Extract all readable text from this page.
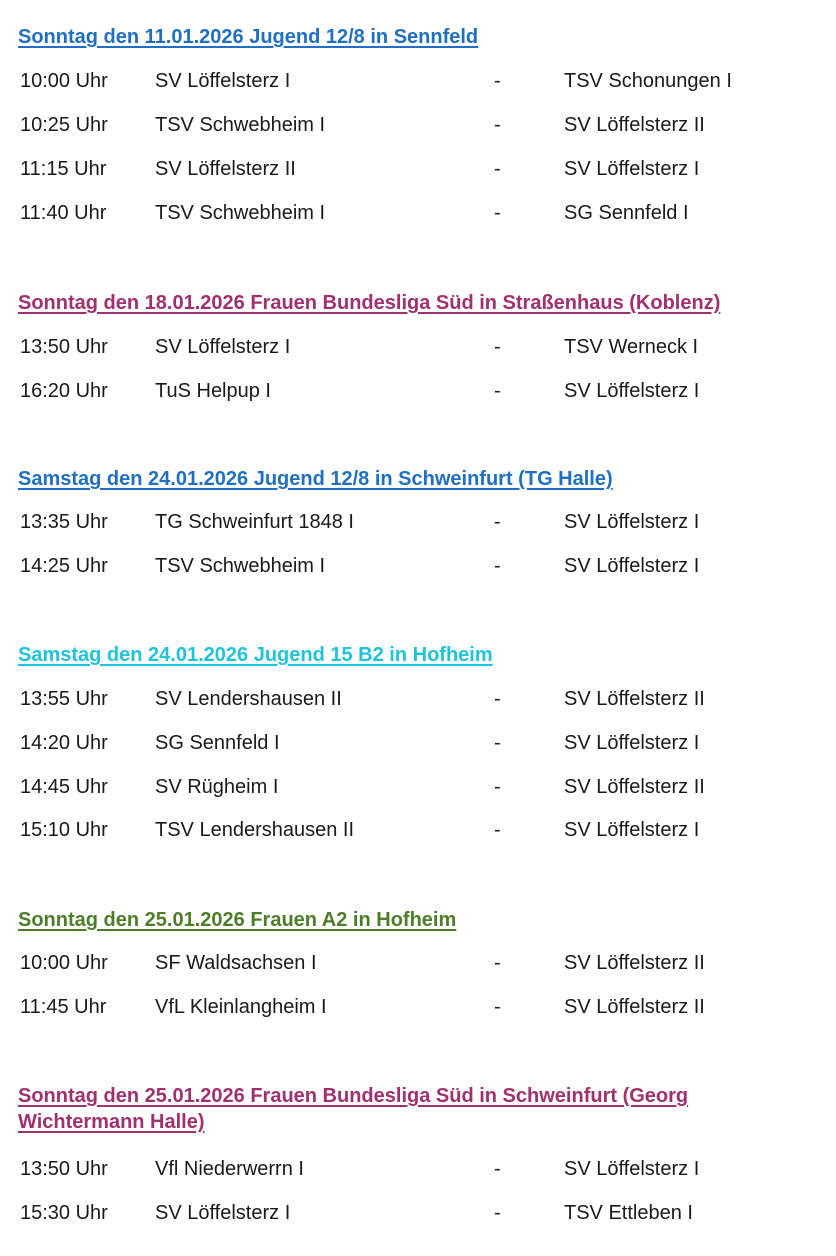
Sonntag den 11.01.2026 Jugend 12/8 in Sennfeld
10:00 Uhr SV Löffelsterz I	-	TSV Schonungen I
10:25 Uhr TSV Schwebheim I	-	SV Löffelsterz II
11:15 Uhr SV Löffelsterz II	-	SV Löffelsterz I
11:40 Uhr TSV Schwebheim I	-	SG Sennfeld I
Sonntag den 18.01.2026 Frauen Bundesliga Süd in Straßenhaus (Koblenz)
13:50 Uhr SV Löffelsterz I	-	TSV Werneck I
16:20 Uhr TuS Helpup I	-	SV Löffelsterz I
Samstag den 24.01.2026 Jugend 12/8 in Schweinfurt (TG Halle)
13:35 Uhr TG Schweinfurt 1848 I	-	SV Löffelsterz I
14:25 Uhr TSV Schwebheim I	-	SV Löffelsterz I
Samstag den 24.01.2026 Jugend 15 B2 in Hofheim
13:55 Uhr SV Lendershausen II	-	SV Löffelsterz II
14:20 Uhr SG Sennfeld I	-	SV Löffelsterz I
14:45 Uhr SV Rügheim I	-	SV Löffelsterz II
15:10 Uhr TSV Lendershausen II	-	SV Löffelsterz I
Sonntag den 25.01.2026 Frauen A2 in Hofheim
10:00 Uhr SF Waldsachsen I	-	SV Löffelsterz II
11:45 Uhr VfL Kleinlangheim I	-	SV Löffelsterz II
Sonntag den 25.01.2026 Frauen Bundesliga Süd in Schweinfurt (Georg Wichtermann Halle)
13:50 Uhr Vfl Niederwerrn I	-	SV Löffelsterz I
15:30 Uhr SV Löffelsterz I	-	TSV Ettleben I
